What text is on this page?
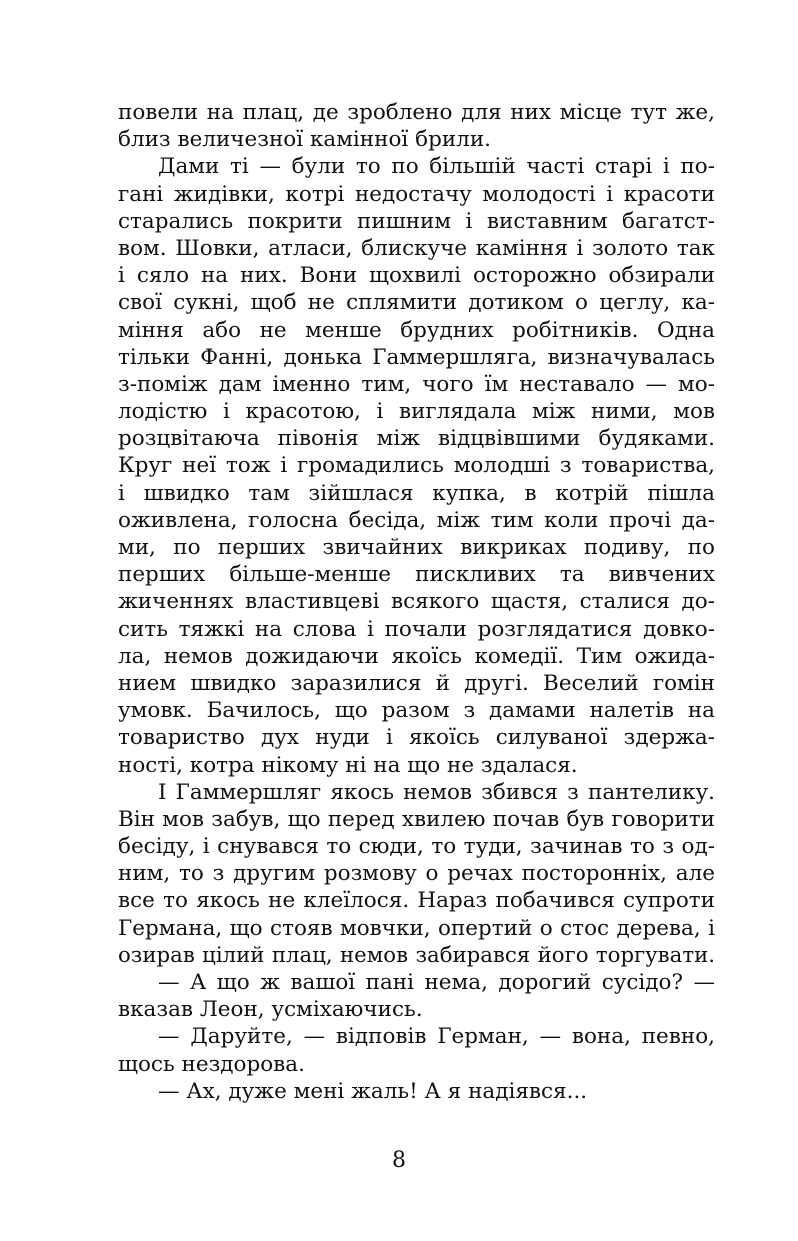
повели на плац, де зроблено для них місце тут же,
близ величезної камінної брили.
Дами ті — були то по більшій часті старі і по-
гані жидівки, котрі недостачу молодості і красоти
старались покрити пишним і виставним багатст-
вом. Шовки, атласи, блискуче каміння і золото так
і сяло на них. Вони щохвилі осторожно обзирали
свої сукні, щоб не сплямити дотиком о цеглу, ка-
міння або не менше брудних робітників. Одна
тільки Фанні, донька Гаммершляга, визначувалась
з-поміж дам іменно тим, чого їм неставало — мо-
лодістю і красотою, і виглядала між ними, мов
розцвітаюча півонія між відцвівшими будяками.
Круг неї тож і громадились молодші з товариства,
і швидко там зійшлася купка, в котрій пішла
оживлена, голосна бесіда, між тим коли прочі да-
ми, по перших звичайних викриках подиву, по
перших більше-менше пискливих та вивчених
жиченнях властивцеві всякого щастя, сталися до-
сить тяжкі на слова і почали розглядатися довко-
ла, немов дожидаючи якоїсь комедії. Тим ожида-
нием швидко заразилися й другі. Веселий гомін
умовк. Бачилось, що разом з дамами налетів на
товариство дух нуди і якоїсь силуваної здержа-
ності, котра нікому ні на що не здалася.
І Гаммершляг якось немов збився з пантелику.
Він мов забув, що перед хвилею почав був говорити
бесіду, і снувався то сюди, то туди, зачинав то з од-
ним, то з другим розмову о речах посторонніх, але
все то якось не клеїлося. Нараз побачився супроти
Германа, що стояв мовчки, опертий о стос дерева, і
озирав цілий плац, немов забирався його торгувати.
— А що ж вашої пані нема, дорогий сусідо? —
вказав Леон, усміхаючись.
— Даруйте, — відповів Герман, — вона, певно,
щось нездорова.
— Ах, дуже мені жаль! А я надіявся...
8
